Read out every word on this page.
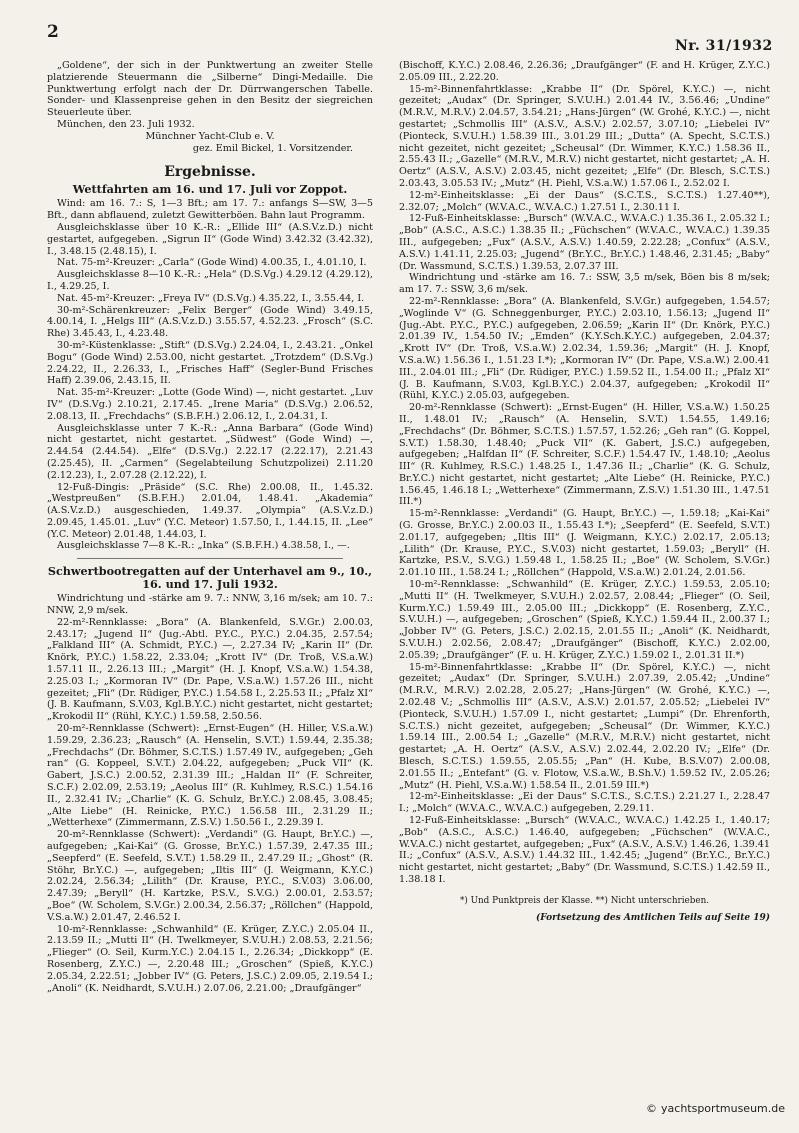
2
Nr. 31/1932

„Goldene“, der sich in der Punktwertung an zweiter Stelle platzierende Steuermann die „Silberne“ Dingi-Medaille. Die Punktwertung erfolgt nach der Dr. Dürrwangerschen Tabelle. Sonder- und Klassenpreise gehen in den Besitz der siegreichen Steuerleute über.

München, den 23. Juli 1932.

Münchner Yacht-Club e. V.

gez. Emil Bickel, 1. Vorsitzender.

Ergebnisse.
Wettfahrten am 16. und 17. Juli vor Zoppot.

Wind: am 16. 7.: S, 1—3 Bft.; am 17. 7.: anfangs S—SW, 3—5 Bft., dann abflauend, zuletzt Gewitterböen. Bahn laut Programm.

Ausgleichsklasse über 10 K.-R.: „Ellide III“ (A.S.V.z.D.) nicht gestartet, aufgegeben. „Sigrun II“ (Gode Wind) 3.42.32 (3.42.32), I., 3.48.15 (2.48.15), I.

Nat. 75-m²-Kreuzer: „Carla“ (Gode Wind) 4.00.35, I., 4.01.10, I.

Ausgleichsklasse 8—10 K.-R.: „Hela“ (D.S.Vg.) 4.29.12 (4.29.12), I., 4.29.25, I.

Nat. 45-m²-Kreuzer: „Freya IV“ (D.S.Vg.) 4.35.22, I., 3.55.44, I.

30-m²-Schärenkreuzer: „Felix Berger“ (Gode Wind) 3.49.15, 4.00.14, I. „Helgs III“ (A.S.V.z.D.) 3.55.57, 4.52.23. „Frosch“ (S.C. Rhe) 3.45.43, I., 4.23.48.

30-m²-Küstenklasse: „Stift“ (D.S.Vg.) 2.24.04, I., 2.43.21. „Onkel Bogu“ (Gode Wind) 2.53.00, nicht gestartet. „Trotzdem“ (D.S.Vg.) 2.24.22, II., 2.26.33, I., „Frisches Haff“ (Segler-Bund Frisches Haff) 2.39.06, 2.43.15, II.

Nat. 35-m²-Kreuzer: „Lotte (Gode Wind) —, nicht gestartet. „Luv IV“ (D.S.Vg.) 2.10.21, 2.17.45. „Irene Maria“ (D.S.Vg.) 2.06.52, 2.08.13, II. „Frechdachs“ (S.B.F.H.) 2.06.12, I., 2.04.31, I.

Ausgleichsklasse unter 7 K.-R.: „Anna Barbara“ (Gode Wind) nicht gestartet, nicht gestartet. „Südwest“ (Gode Wind) —, 2.44.54 (2.44.54). „Elfe“ (D.S.Vg.) 2.22.17 (2.22.17), 2.21.43 (2.25.45), II. „Carmen“ (Segelabteilung Schutzpolizei) 2.11.20 (2.12.23), I., 2.07.28 (2.12.22), I.

12-Fuß-Dingis: „Präside“ (S.C. Rhe) 2.00.08, II., 1.45.32. „Westpreußen“ (S.B.F.H.) 2.01.04, 1.48.41. „Akademia“ (A.S.V.z.D.) ausgeschieden, 1.49.37. „Olympia“ (A.S.V.z.D.) 2.09.45, 1.45.01. „Luv“ (Y.C. Meteor) 1.57.50, I., 1.44.15, II. „Lee“ (Y.C. Meteor) 2.01.48, 1.44.03, I.

Ausgleichsklasse 7—8 K.-R.: „Inka“ (S.B.F.H.) 4.38.58, I., —.

Schwertbootregatten auf der Unterhavel am 9., 10., 16. und 17. Juli 1932.

Windrichtung und -stärke am 9. 7.: NNW, 3,16 m/sek; am 10. 7.: NNW, 2,9 m/sek.

22-m²-Rennklasse: „Bora“ (A. Blankenfeld, S.V.Gr.) 2.00.03, 2.43.17; „Jugend II“ (Jug.-Abtl. P.Y.C., P.Y.C.) 2.04.35, 2.57.54; „Falkland III“ (A. Schmidt, P.Y.C.) —, 2.27.34 IV; „Karin II“ (Dr. Knörk, P.Y.C.) 1.58.22, 2.33.04; „Krott IV“ (Dr. Troß, V.S.a.W.) 1.57.11 II., 2.26.13 III.; „Margit“ (H. J. Knopf, V.S.a.W.) 1.54.38, 2.25.03 I.; „Kormoran IV“ (Dr. Pape, V.S.a.W.) 1.57.26 III., nicht gezeitet; „Fli“ (Dr. Rüdiger, P.Y.C.) 1.54.58 I., 2.25.53 II.; „Pfalz XI“ (J. B. Kaufmann, S.V.03, Kgl.B.Y.C.) nicht gestartet, nicht gestartet; „Krokodil II“ (Rühl, K.Y.C.) 1.59.58, 2.50.56.

20-m²-Rennklasse (Schwert): „Ernst-Eugen“ (H. Hiller, V.S.a.W.) 1.59.29, 2.36.23; „Rausch“ (A. Henselin, S.V.T.) 1.59.44, 2.35.38; „Frechdachs“ (Dr. Böhmer, S.C.T.S.) 1.57.49 IV., aufgegeben; „Geh ran“ (G. Koppeel, S.V.T.) 2.04.22, aufgegeben; „Puck VII“ (K. Gabert, J.S.C.) 2.00.52, 2.31.39 III.; „Haldan II“ (F. Schreiter, S.C.F.) 2.02.09, 2.53.19; „Aeolus III“ (R. Kuhlmey, R.S.C.) 1.54.16 II., 2.32.41 IV.; „Charlie“ (K. G. Schulz, Br.Y.C.) 2.08.45, 3.08.45; „Alte Liebe“ (H. Reinicke, P.Y.C.) 1.56.58 III., 2.31.29 II.; „Wetterhexe“ (Zimmermann, Z.S.V.) 1.50.56 I., 2.29.39 I.

20-m²-Rennklasse (Schwert): „Verdandi“ (G. Haupt, Br.Y.C.) —, aufgegeben; „Kai-Kai“ (G. Grosse, Br.Y.C.) 1.57.39, 2.47.35 III.; „Seepferd“ (E. Seefeld, S.V.T.) 1.58.29 II., 2.47.29 II.; „Ghost“ (R. Stöhr, Br.Y.C.) —, aufgegeben; „Iltis III“ (J. Weigmann, K.Y.C.) 2.02.24, 2.56.34; „Lilith“ (Dr. Krause, P.Y.C., S.V.03) 3.06.00, 2.47.39; „Beryll“ (H. Kartzke, P.S.V., S.V.G.) 2.00.01, 2.53.57; „Boe“ (W. Scholem, S.V.Gr.) 2.00.34, 2.56.37; „Röllchen“ (Happold, V.S.a.W.) 2.01.47, 2.46.52 I.

10-m²-Rennklasse: „Schwanhild“ (E. Krüger, Z.Y.C.) 2.05.04 II., 2.13.59 II.; „Mutti II“ (H. Twelkmeyer, S.V.U.H.) 2.08.53, 2.21.56; „Flieger“ (O. Seil, Kurm.Y.C.) 2.04.15 I., 2.26.34; „Dickkopp“ (E. Rosenberg, Z.Y.C.) —, 2.20.48 III.; „Groschen“ (Spieß, K.Y.C.) 2.05.34, 2.22.51; „Jobber IV“ (G. Peters, J.S.C.) 2.09.05, 2.19.54 I.; „Anoli“ (K. Neidhardt, S.V.U.H.) 2.07.06, 2.21.00; „Draufgänger“

(Bischoff, K.Y.C.) 2.08.46, 2.26.36; „Draufgänger“ (F. and H. Krüger, Z.Y.C.) 2.05.09 III., 2.22.20.

15-m²-Binnenfahrtklasse: „Krabbe II“ (Dr. Spörel, K.Y.C.) —, nicht gezeitet; „Audax“ (Dr. Springer, S.V.U.H.) 2.01.44 IV., 3.56.46; „Undine“ (M.R.V., M.R.V.) 2.04.57, 3.54.21; „Hans-Jürgen“ (W. Grohé, K.Y.C.) —, nicht gestartet; „Schmollis III“ (A.S.V., A.S.V.) 2.02.57, 3.07.10; „Liebelei IV“ (Pionteck, S.V.U.H.) 1.58.39 III., 3.01.29 III.; „Dutta“ (A. Specht, S.C.T.S.) nicht gezeitet, nicht gezeitet; „Scheusal“ (Dr. Wimmer, K.Y.C.) 1.58.36 II., 2.55.43 II.; „Gazelle“ (M.R.V., M.R.V.) nicht gestartet, nicht gestartet; „A. H. Oertz“ (A.S.V., A.S.V.) 2.03.45, nicht gezeitet; „Elfe“ (Dr. Blesch, S.C.T.S.) 2.03.43, 3.05.53 IV.; „Mutz“ (H. Piehl, V.S.a.W.) 1.57.06 I., 2.52.02 I.

12-m²-Einheitsklasse: „Ei der Daus“ (S.C.T.S., S.C.T.S.) 1.27.40**), 2.32.07; „Molch“ (W.V.A.C., W.V.A.C.) 1.27.51 I., 2.30.11 I.

12-Fuß-Einheitsklasse: „Bursch“ (W.V.A.C., W.V.A.C.) 1.35.36 I., 2.05.32 I.; „Bob“ (A.S.C., A.S.C.) 1.38.35 II.; „Füchschen“ (W.V.A.C., W.V.A.C.) 1.39.35 III., aufgegeben; „Fux“ (A.S.V., A.S.V.) 1.40.59, 2.22.28; „Confux“ (A.S.V., A.S.V.) 1.41.11, 2.25.03; „Jugend“ (Br.Y.C., Br.Y.C.) 1.48.46, 2.31.45; „Baby“ (Dr. Wassmund, S.C.T.S.) 1.39.53, 2.07.37 III.

Windrichtung und -stärke am 16. 7.: SSW, 3,5 m/sek, Böen bis 8 m/sek; am 17. 7.: SSW, 3,6 m/sek.

22-m²-Rennklasse: „Bora“ (A. Blankenfeld, S.V.Gr.) aufgegeben, 1.54.57; „Woglinde V“ (G. Schneggenburger, P.Y.C.) 2.03.10, 1.56.13; „Jugend II“ (Jug.-Abt. P.Y.C., P.Y.C.) aufgegeben, 2.06.59; „Karin II“ (Dr. Knörk, P.Y.C.) 2.01.39 IV., 1.54.50 IV.; „Emden“ (K.Y.Sch.K.Y.C.) aufgegeben, 2.04.37; „Krott IV“ (Dr. Troß, V.S.a.W.) 2.02.34, 1.59.36; „Margit“ (H. J. Knopf, V.S.a.W.) 1.56.36 I., 1.51.23 I.*); „Kormoran IV“ (Dr. Pape, V.S.a.W.) 2.00.41 III., 2.04.01 III.; „Fli“ (Dr. Rüdiger, P.Y.C.) 1.59.52 II., 1.54.00 II.; „Pfalz XI“ (J. B. Kaufmann, S.V.03, Kgl.B.Y.C.) 2.04.37, aufgegeben; „Krokodil II“ (Rühl, K.Y.C.) 2.05.03, aufgegeben.

20-m²-Rennklasse (Schwert): „Ernst-Eugen“ (H. Hiller, V.S.a.W.) 1.50.25 II., 1.48.01 IV.; „Rausch“ (A. Henselin, S.V.T.) 1.54.55, 1.49.16; „Frechdachs“ (Dr. Böhmer, S.C.T.S.) 1.57.57, 1.52.26; „Geh ran“ (G. Koppel, S.V.T.) 1.58.30, 1.48.40; „Puck VII“ (K. Gabert, J.S.C.) aufgegeben, aufgegeben; „Halfdan II“ (F. Schreiter, S.C.F.) 1.54.47 IV., 1.48.10; „Aeolus III“ (R. Kuhlmey, R.S.C.) 1.48.25 I., 1.47.36 II.; „Charlie“ (K. G. Schulz, Br.Y.C.) nicht gestartet, nicht gestartet; „Alte Liebe“ (H. Reinicke, P.Y.C.) 1.56.45, 1.46.18 I.; „Wetterhexe“ (Zimmermann, Z.S.V.) 1.51.30 III., 1.47.51 III.*)

15-m²-Rennklasse: „Verdandi“ (G. Haupt, Br.Y.C.) —, 1.59.18; „Kai-Kai“ (G. Grosse, Br.Y.C.) 2.00.03 II., 1.55.43 I.*); „Seepferd“ (E. Seefeld, S.V.T.) 2.01.17, aufgegeben; „Iltis III“ (J. Weigmann, K.Y.C.) 2.02.17, 2.05.13; „Lilith“ (Dr. Krause, P.Y.C., S.V.03) nicht gestartet, 1.59.03; „Beryll“ (H. Kartzke, P.S.V., S.V.G.) 1.59.48 I., 1.58.25 II.; „Boe“ (W. Scholem, S.V.Gr.) 2.01.10 III., 1.58.24 I.; „Röllchen“ (Happold, V.S.a.W.) 2.01.24, 2.01.56.

10-m²-Rennklasse: „Schwanhild“ (E. Krüger, Z.Y.C.) 1.59.53, 2.05.10; „Mutti II“ (H. Twelkmeyer, S.V.U.H.) 2.02.57, 2.08.44; „Flieger“ (O. Seil, Kurm.Y.C.) 1.59.49 III., 2.05.00 III.; „Dickkopp“ (E. Rosenberg, Z.Y.C., S.V.U.H.) —, aufgegeben; „Groschen“ (Spieß, K.Y.C.) 1.59.44 II., 2.00.37 I.; „Jobber IV“ (G. Peters, J.S.C.) 2.02.15, 2.01.55 II.; „Anoli“ (K. Neidhardt, S.V.U.H.) 2.02.56, 2.08.47; „Draufgänger“ (Bischoff, K.Y.C.) 2.02.00, 2.05.39; „Draufgänger“ (F. u. H. Krüger, Z.Y.C.) 1.59.02 I., 2.01.31 II.*)

15-m²-Binnenfahrtklasse: „Krabbe II“ (Dr. Spörel, K.Y.C.) —, nicht gezeitet; „Audax“ (Dr. Springer, S.V.U.H.) 2.07.39, 2.05.42; „Undine“ (M.R.V., M.R.V.) 2.02.28, 2.05.27; „Hans-Jürgen“ (W. Grohé, K.Y.C.) —, 2.02.48 V.; „Schmollis III“ (A.S.V., A.S.V.) 2.01.57, 2.05.52; „Liebelei IV“ (Pionteck, S.V.U.H.) 1.57.09 I., nicht gestartet; „Lumpi“ (Dr. Ehrenforth, S.C.T.S.) nicht gezeitet, aufgegeben; „Scheusal“ (Dr. Wimmer, K.Y.C.) 1.59.14 III., 2.00.54 I.; „Gazelle“ (M.R.V., M.R.V.) nicht gestartet, nicht gestartet; „A. H. Oertz“ (A.S.V., A.S.V.) 2.02.44, 2.02.20 IV.; „Elfe“ (Dr. Blesch, S.C.T.S.) 1.59.55, 2.05.55; „Pan“ (H. Kube, B.S.V.07) 2.00.08, 2.01.55 II.; „Entefant“ (G. v. Flotow, V.S.a.W., B.Sh.V.) 1.59.52 IV., 2.05.26; „Mutz“ (H. Piehl, V.S.a.W.) 1.58.54 II., 2.01.59 III.*)

12-m²-Einheitsklasse: „Ei der Daus“ S.C.T.S., S.C.T.S.) 2.21.27 I., 2.28.47 I.; „Molch“ (W.V.A.C., W.V.A.C.) aufgegeben, 2.29.11.

12-Fuß-Einheitsklasse: „Bursch“ (W.V.A.C., W.V.A.C.) 1.42.25 I., 1.40.17; „Bob“ (A.S.C., A.S.C.) 1.46.40, aufgegeben; „Füchschen“ (W.V.A.C., W.V.A.C.) nicht gestartet, aufgegeben; „Fux“ (A.S.V., A.S.V.) 1.46.26, 1.39.41 II.; „Confux“ (A.S.V., A.S.V.) 1.44.32 III., 1.42.45; „Jugend“ (Br.Y.C., Br.Y.C.) nicht gestartet, nicht gestartet; „Baby“ (Dr. Wassmund, S.C.T.S.) 1.42.59 II., 1.38.18 I.

*) Und Punktpreis der Klasse. **) Nicht unterschrieben.
(Fortsetzung des Amtlichen Teils auf Seite 19)
© yachtsportmuseum.de
